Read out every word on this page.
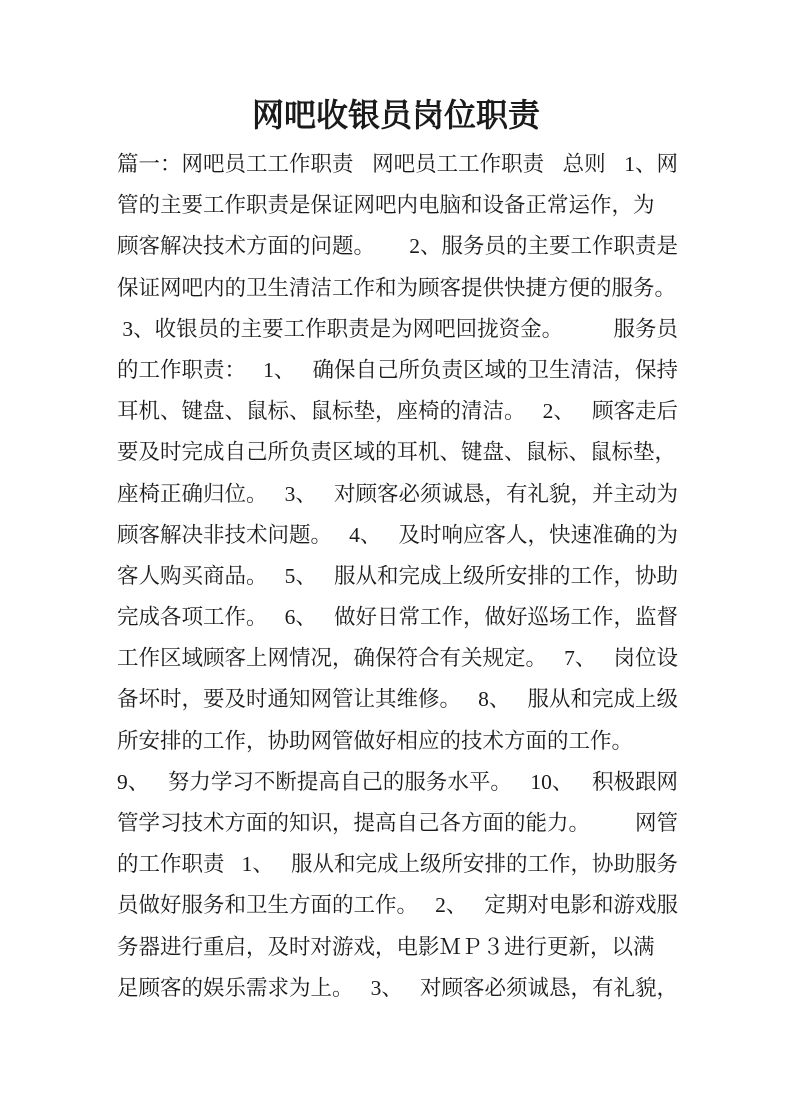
网吧收银员岗位职责
篇一：网吧员工工作职责 网吧员工工作职责 总则 1、网
管的主要工作职责是保证网吧内电脑和设备正常运作，为
顾客解决技术方面的问题。 2、服务员的主要工作职责是
保证网吧内的卫生清洁工作和为顾客提供快捷方便的服务。
3、收银员的主要工作职责是为网吧回拢资金。 服务员
的工作职责： 1、 确保自己所负责区域的卫生清洁，保持
耳机、键盘、鼠标、鼠标垫，座椅的清洁。 2、 顾客走后
要及时完成自己所负责区域的耳机、键盘、鼠标、鼠标垫，
座椅正确归位。 3、 对顾客必须诚恳，有礼貌，并主动为
顾客解决非技术问题。 4、 及时响应客人，快速准确的为
客人购买商品。 5、 服从和完成上级所安排的工作，协助
完成各项工作。 6、 做好日常工作，做好巡场工作，监督
工作区域顾客上网情况，确保符合有关规定。 7、 岗位设
备坏时，要及时通知网管让其维修。 8、 服从和完成上级
所安排的工作，协助网管做好相应的技术方面的工作。
9、 努力学习不断提高自己的服务水平。 10、 积极跟网
管学习技术方面的知识，提高自己各方面的能力。 网管
的工作职责 1、 服从和完成上级所安排的工作，协助服务
员做好服务和卫生方面的工作。 2、 定期对电影和游戏服
务器进行重启，及时对游戏，电影ＭＰ３进行更新，以满
足顾客的娱乐需求为上。 3、 对顾客必须诚恳，有礼貌，
